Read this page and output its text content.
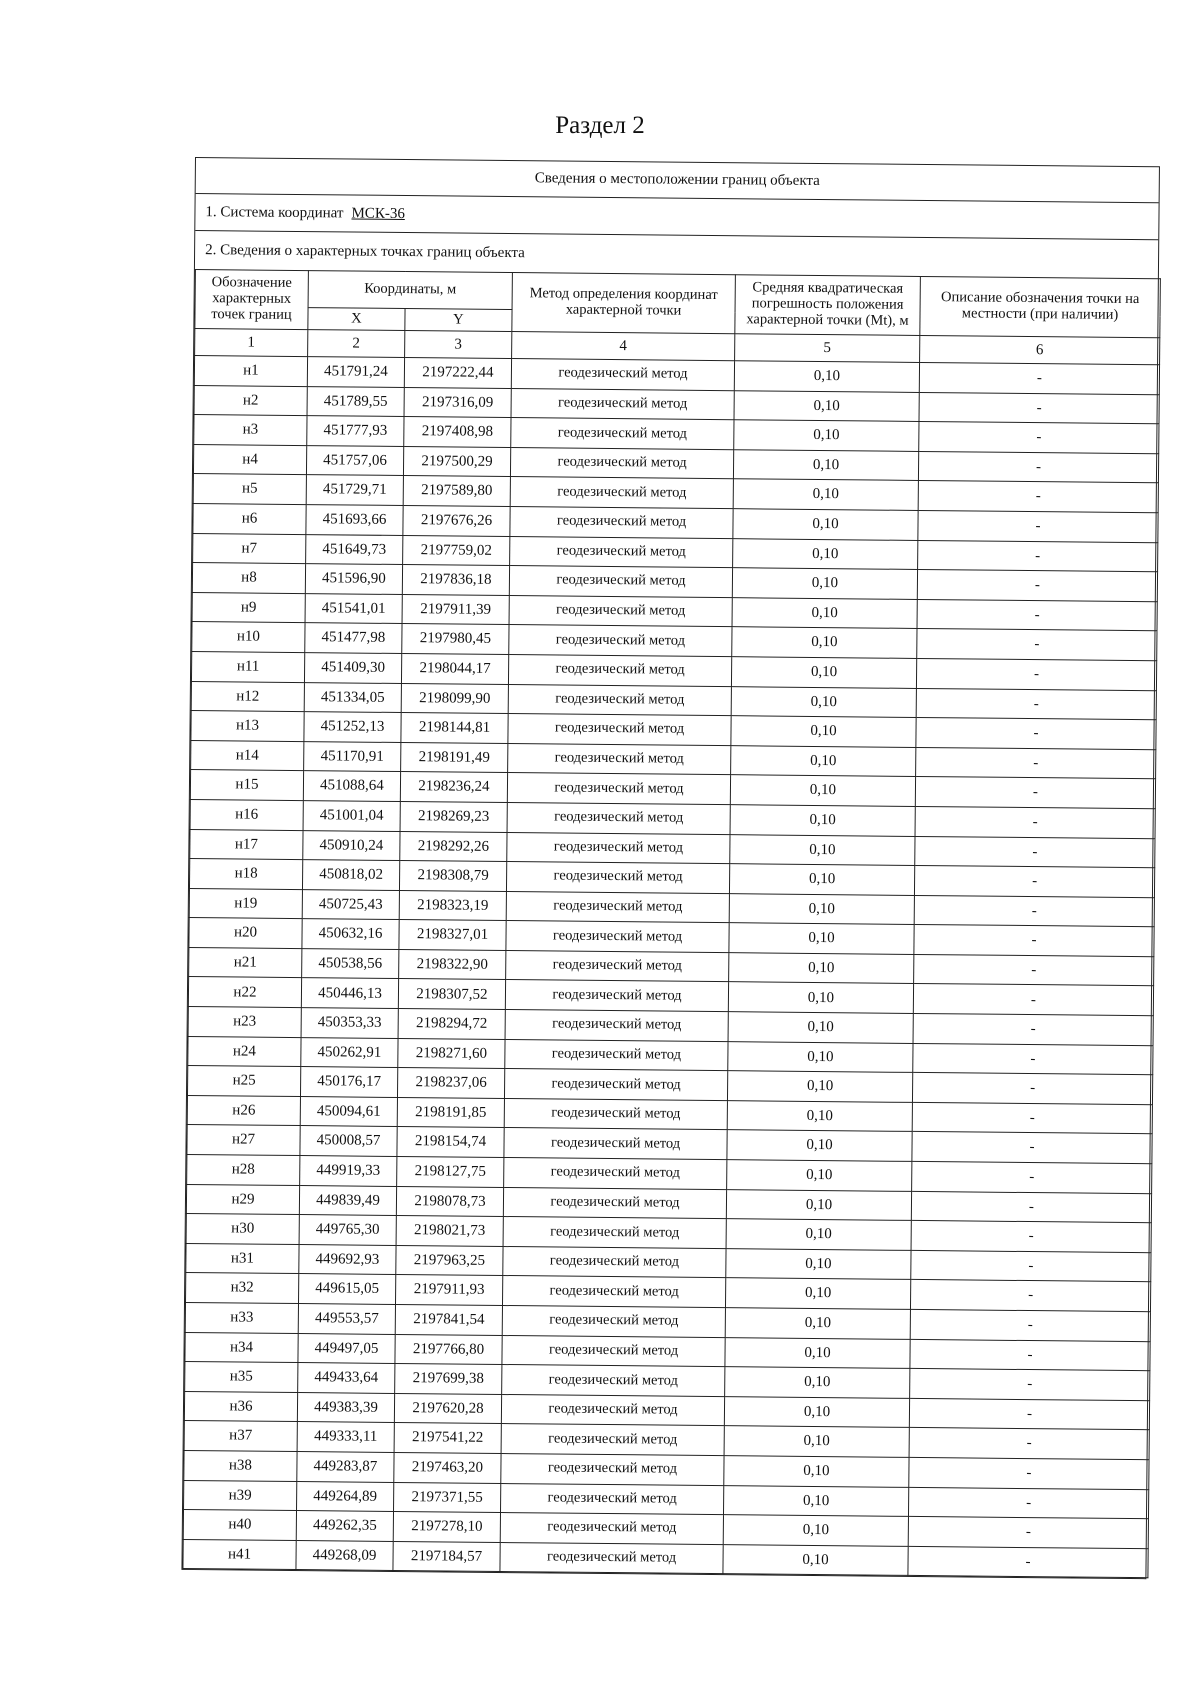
Раздел 2
Сведения о местоположении границ объекта
1. Система координат МСК-36
2. Сведения о характерных точках границ объекта
Обозначение характерных точек границ	Координаты, м		Метод определения координат характерной точки	Средняя квадратическая погрешность положения характерной точки (Mt), м	Описание обозначения точки на местности (при наличии)
	X	Y			
1	2	3	4	5	6
н1	451791,24	2197222,44	геодезический метод	0,10	-
н2	451789,55	2197316,09	геодезический метод	0,10	-
н3	451777,93	2197408,98	геодезический метод	0,10	-
н4	451757,06	2197500,29	геодезический метод	0,10	-
н5	451729,71	2197589,80	геодезический метод	0,10	-
н6	451693,66	2197676,26	геодезический метод	0,10	-
н7	451649,73	2197759,02	геодезический метод	0,10	-
н8	451596,90	2197836,18	геодезический метод	0,10	-
н9	451541,01	2197911,39	геодезический метод	0,10	-
н10	451477,98	2197980,45	геодезический метод	0,10	-
н11	451409,30	2198044,17	геодезический метод	0,10	-
н12	451334,05	2198099,90	геодезический метод	0,10	-
н13	451252,13	2198144,81	геодезический метод	0,10	-
н14	451170,91	2198191,49	геодезический метод	0,10	-
н15	451088,64	2198236,24	геодезический метод	0,10	-
н16	451001,04	2198269,23	геодезический метод	0,10	-
н17	450910,24	2198292,26	геодезический метод	0,10	-
н18	450818,02	2198308,79	геодезический метод	0,10	-
н19	450725,43	2198323,19	геодезический метод	0,10	-
н20	450632,16	2198327,01	геодезический метод	0,10	-
н21	450538,56	2198322,90	геодезический метод	0,10	-
н22	450446,13	2198307,52	геодезический метод	0,10	-
н23	450353,33	2198294,72	геодезический метод	0,10	-
н24	450262,91	2198271,60	геодезический метод	0,10	-
н25	450176,17	2198237,06	геодезический метод	0,10	-
н26	450094,61	2198191,85	геодезический метод	0,10	-
н27	450008,57	2198154,74	геодезический метод	0,10	-
н28	449919,33	2198127,75	геодезический метод	0,10	-
н29	449839,49	2198078,73	геодезический метод	0,10	-
н30	449765,30	2198021,73	геодезический метод	0,10	-
н31	449692,93	2197963,25	геодезический метод	0,10	-
н32	449615,05	2197911,93	геодезический метод	0,10	-
н33	449553,57	2197841,54	геодезический метод	0,10	-
н34	449497,05	2197766,80	геодезический метод	0,10	-
н35	449433,64	2197699,38	геодезический метод	0,10	-
н36	449383,39	2197620,28	геодезический метод	0,10	-
н37	449333,11	2197541,22	геодезический метод	0,10	-
н38	449283,87	2197463,20	геодезический метод	0,10	-
н39	449264,89	2197371,55	геодезический метод	0,10	-
н40	449262,35	2197278,10	геодезический метод	0,10	-
н41	449268,09	2197184,57	геодезический метод	0,10	-
